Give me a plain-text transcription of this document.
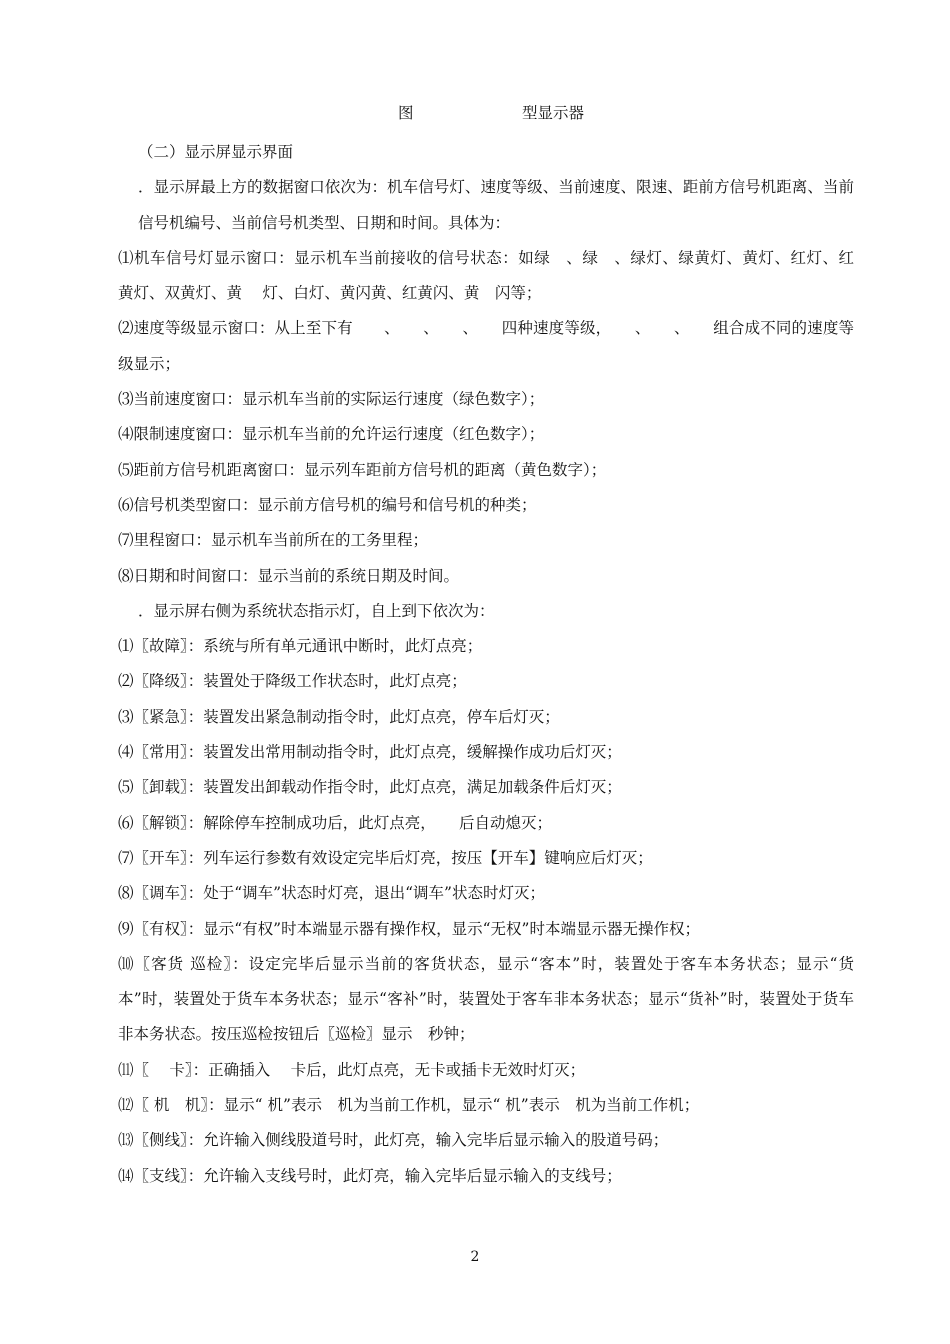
图	型显示器

（二）显示屏显示界面

．显示屏最上方的数据窗口依次为：机车信号灯、速度等级、当前速度、限速、距前方信号机距离、当前信号机编号、当前信号机类型、日期和时间。具体为：

⑴机车信号灯显示窗口：显示机车当前接收的信号状态：如绿　、绿　、绿灯、绿黄灯、黄灯、红灯、红　黄灯、双黄灯、黄　 灯、白灯、黄闪黄、红黄闪、黄　闪等；

⑵速度等级显示窗口：从上至下有　　、　　、　　、　　四种速度等级，　　、　　、　　组合成不同的速度等级显示；

⑶当前速度窗口：显示机车当前的实际运行速度（绿色数字）；

⑷限制速度窗口：显示机车当前的允许运行速度（红色数字）；

⑸距前方信号机距离窗口：显示列车距前方信号机的距离（黄色数字）；

⑹信号机类型窗口：显示前方信号机的编号和信号机的种类；

⑺里程窗口：显示机车当前所在的工务里程；

⑻日期和时间窗口：显示当前的系统日期及时间。

．显示屏右侧为系统状态指示灯，自上到下依次为：

⑴〖故障〗：系统与所有单元通讯中断时，此灯点亮；

⑵〖降级〗：装置处于降级工作状态时，此灯点亮；

⑶〖紧急〗：装置发出紧急制动指令时，此灯点亮，停车后灯灭；

⑷〖常用〗：装置发出常用制动指令时，此灯点亮，缓解操作成功后灯灭；

⑸〖卸载〗：装置发出卸载动作指令时，此灯点亮，满足加载条件后灯灭；

⑹〖解锁〗：解除停车控制成功后，此灯点亮，　　后自动熄灭；

⑺〖开车〗：列车运行参数有效设定完毕后灯亮，按压【开车】键响应后灯灭；

⑻〖调车〗：处于“调车”状态时灯亮，退出“调车”状态时灯灭；

⑼〖有权〗：显示“有权”时本端显示器有操作权，显示“无权”时本端显示器无操作权；

⑽〖客货 巡检〗：设定完毕后显示当前的客货状态，显示“客本”时，装置处于客车本务状态；显示“货本”时，装置处于货车本务状态；显示“客补”时，装置处于客车非本务状态；显示“货补”时，装置处于货车非本务状态。按压巡检按钮后〖巡检〗显示　秒钟；

⑾〖　 卡〗：正确插入　 卡后，此灯点亮，无卡或插卡无效时灯灭；

⑿〖 机　机〗：显示“ 机”表示　机为当前工作机，显示“ 机”表示　机为当前工作机；

⒀〖侧线〗：允许输入侧线股道号时，此灯亮，输入完毕后显示输入的股道号码；

⒁〖支线〗：允许输入支线号时，此灯亮，输入完毕后显示输入的支线号；

2
